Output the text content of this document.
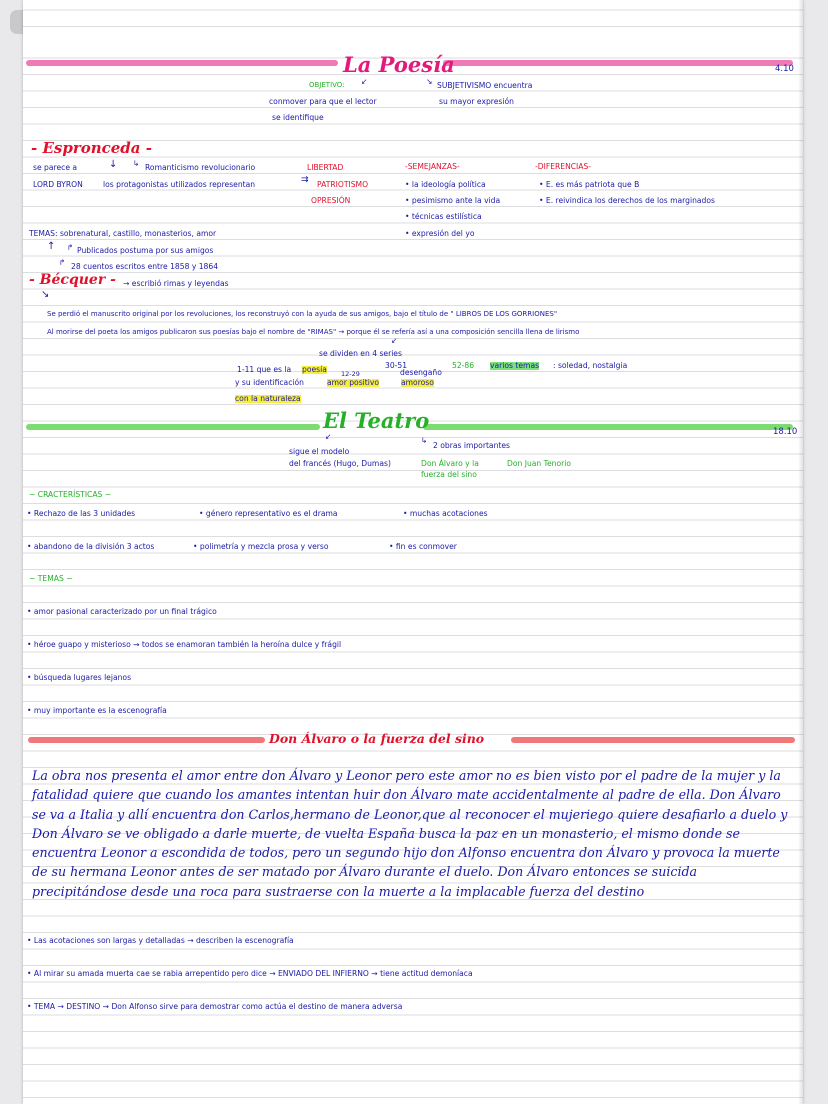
La Poesía	4.10
OBJETIVO: ↙	↘ SUBJETIVISMO encuentra
conmover para que el lector	su mayor expresión
se identifique
- Espronceda -
se parece a	↓ ↳ Romanticismo revolucionario	LIBERTAD
LORD BYRON	los protagonistas utilizados representan	⇉ PATRIOTISMO
OPRESIÓN
-SEMEJANZAS-
• la ideología política
• pesimismo ante la vida
• técnicas estilística
• expresión del yo
-DIFERENCIAS-
• E. es más patriota que B
• E. reivindica los derechos de los marginados
TEMAS: sobrenatural, castillo, monasterios, amor
↑ ↱ Publicados postuma por sus amigos
↱ 28 cuentos escritos entre 1858 y 1864
- Bécquer - → escribió rimas y leyendas
↘
Se perdió el manuscrito original por los revoluciones, los reconstruyó con la ayuda de sus amigos, bajo el título de " LIBROS DE LOS GORRIONES"
Al morirse del poeta los amigos publicaron sus poesías bajo el nombre de "RIMAS" → porque él se refería así a una composición sencilla llena de lirismo
↙
se dividen en 4 series
1-11 que es la poesía
y su identificación
con la naturaleza
12-29
amor positivo
30-51
desengaño
amoroso
52-86 varios temas : soledad, nostalgia
El Teatro	18.10
↙
sigue el modelo
del francés (Hugo, Dumas)
↳
2 obras importantes
Don Álvaro y la
fuerza del sino
Don Juan Tenorio
~ CRACTERÍSTICAS ~
• Rechazo de las 3 unidades	• género representativo es el drama	• muchas acotaciones
• abandono de la división 3 actos	• polimetría y mezcla prosa y verso	• fin es conmover
~ TEMAS ~
• amor pasional caracterizado por un final trágico
• héroe guapo y misterioso ⇝ todos se enamoran también la heroína dulce y frágil
• búsqueda lugares lejanos
• muy importante es la escenografía
Don Álvaro o la fuerza del sino
La obra nos presenta el amor entre don Álvaro y Leonor pero este amor no es bien visto por el padre de la mujer y la fatalidad quiere que cuando los amantes intentan huir don Álvaro mate accidentalmente al padre de ella. Don Álvaro se va a Italia y allí encuentra don Carlos,hermano de Leonor,que al reconocer el mujeriego quiere desafiarlo a duelo y Don Álvaro se ve obligado a darle muerte, de vuelta España busca la paz en un monasterio, el mismo donde se encuentra Leonor a escondida de todos, pero un segundo hijo don Alfonso encuentra don Álvaro y provoca la muerte de su hermana Leonor antes de ser matado por Álvaro durante el duelo. Don Álvaro entonces se suicida precipitándose desde una roca para sustraerse con la muerte a la implacable fuerza del destino
• Las acotaciones son largas y detalladas → describen la escenografía
• Al mirar su amada muerta cae se rabia arrepentido pero dice → ENVIADO DEL INFIERNO ⇝ tiene actitud demoníaca
• TEMA → DESTINO ⇝ Don Alfonso sirve para demostrar como actúa el destino de manera adversa
